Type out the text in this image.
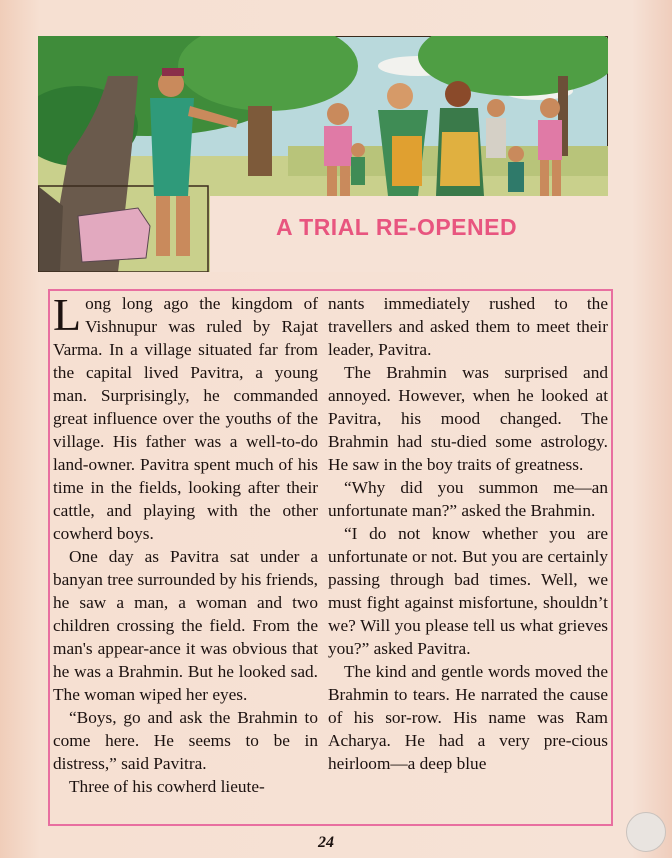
A TRIAL RE-OPENED

Long long ago the kingdom of Vishnupur was ruled by Rajat Varma. In a village situated far from the capital lived Pavitra, a young man. Surprisingly, he commanded great influence over the youths of the village. His father was a well-to-do land-owner. Pavitra spent much of his time in the fields, looking after their cattle, and playing with the other cowherd boys.

One day as Pavitra sat under a banyan tree surrounded by his friends, he saw a man, a woman and two children crossing the field. From the man's appear-ance it was obvious that he was a Brahmin. But he looked sad. The woman wiped her eyes.

“Boys, go and ask the Brahmin to come here. He seems to be in distress,” said Pavitra.

Three of his cowherd lieute-

nants immediately rushed to the travellers and asked them to meet their leader, Pavitra.

The Brahmin was surprised and annoyed. However, when he looked at Pavitra, his mood changed. The Brahmin had stu-died some astrology. He saw in the boy traits of greatness.

“Why did you summon me—an unfortunate man?” asked the Brahmin.

“I do not know whether you are unfortunate or not. But you are certainly passing through bad times. Well, we must fight against misfortune, shouldn’t we? Will you please tell us what grieves you?” asked Pavitra.

The kind and gentle words moved the Brahmin to tears. He narrated the cause of his sor-row. His name was Ram Acharya. He had a very pre-cious heirloom—a deep blue

24
